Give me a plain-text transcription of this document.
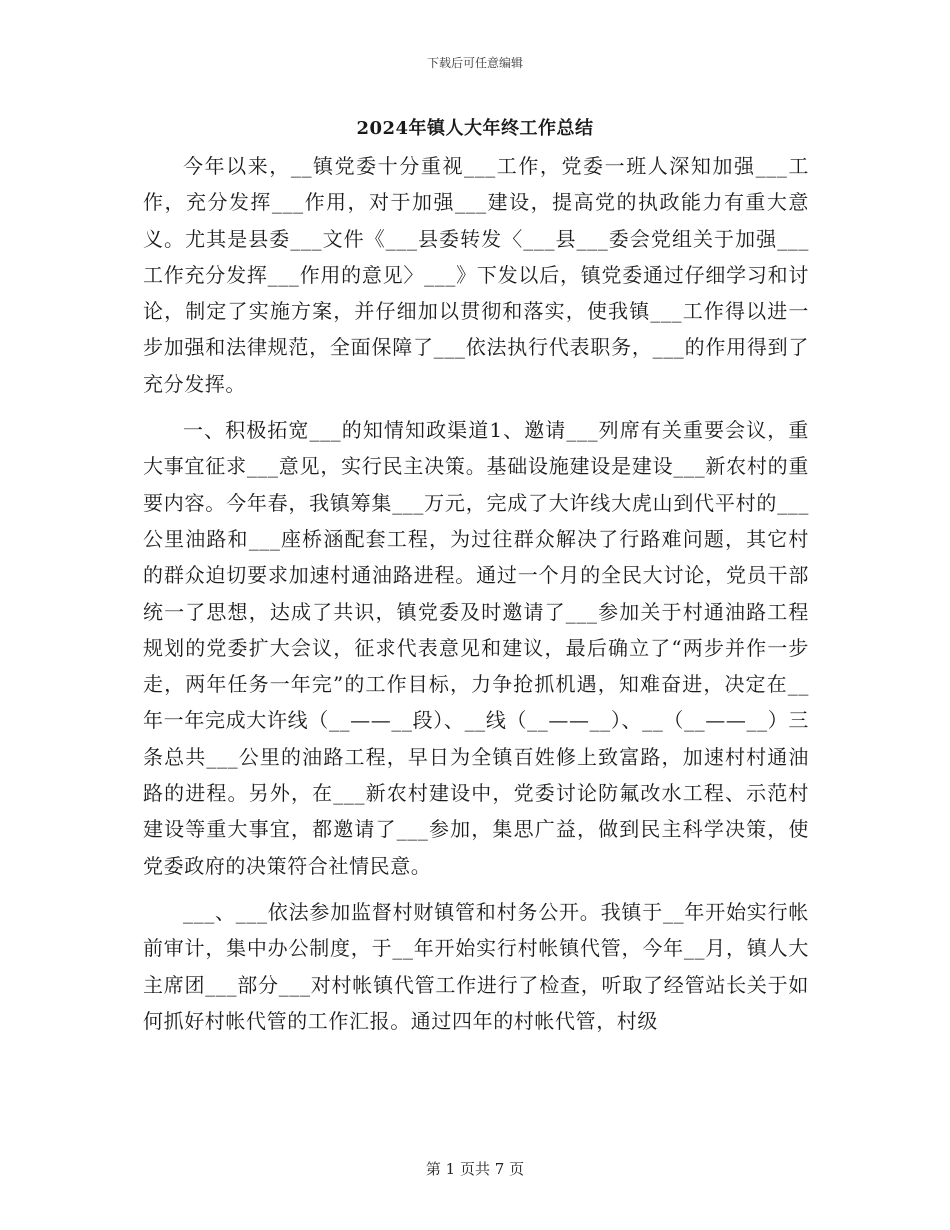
下载后可任意编辑
2024年镇人大年终工作总结

今年以来，__镇党委十分重视___工作，党委一班人深知加强___工作，充分发挥___作用，对于加强___建设，提高党的执政能力有重大意义。尤其是县委___文件《___县委转发〈___县___委会党组关于加强___工作充分发挥___作用的意见〉___》下发以后，镇党委通过仔细学习和讨论，制定了实施方案，并仔细加以贯彻和落实，使我镇___工作得以进一步加强和法律规范，全面保障了___依法执行代表职务，___的作用得到了充分发挥。

一、积极拓宽___的知情知政渠道1、邀请___列席有关重要会议，重大事宜征求___意见，实行民主决策。基础设施建设是建设___新农村的重要内容。今年春，我镇筹集___万元，完成了大许线大虎山到代平村的___公里油路和___座桥涵配套工程，为过往群众解决了行路难问题，其它村的群众迫切要求加速村通油路进程。通过一个月的全民大讨论，党员干部统一了思想，达成了共识，镇党委及时邀请了___参加关于村通油路工程规划的党委扩大会议，征求代表意见和建议，最后确立了“两步并作一步走，两年任务一年完”的工作目标，力争抢抓机遇，知难奋进，决定在__年一年完成大许线（__——__段）、__线（__——__）、__（__——__）三条总共___公里的油路工程，早日为全镇百姓修上致富路，加速村村通油路的进程。另外，在___新农村建设中，党委讨论防氟改水工程、示范村建设等重大事宜，都邀请了___参加，集思广益，做到民主科学决策，使党委政府的决策符合社情民意。

___、___依法参加监督村财镇管和村务公开。我镇于__年开始实行帐前审计，集中办公制度，于__年开始实行村帐镇代管，今年__月，镇人大主席团___部分___对村帐镇代管工作进行了检查，听取了经管站长关于如何抓好村帐代管的工作汇报。通过四年的村帐代管，村级

第 1 页共 7 页
